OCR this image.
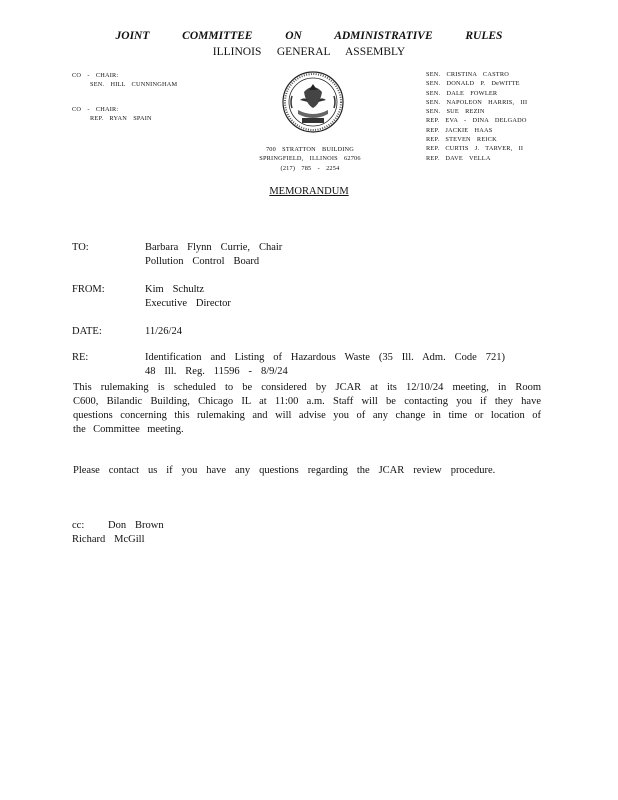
JOINT COMMITTEE ON ADMINISTRATIVE RULES
ILLINOIS GENERAL ASSEMBLY
CO - CHAIR:
SEN. HILL CUNNINGHAM
CO - CHAIR:
REP. RYAN SPAIN
700 STRATTON BUILDING
SPRINGFIELD, ILLINOIS 62706
(217) 785 - 2254
SEN. CRISTINA CASTRO
SEN. DONALD P. DeWITTE
SEN. DALE FOWLER
SEN. NAPOLEON HARRIS, III
SEN. SUE REZIN
REP. EVA - DINA DELGADO
REP. JACKIE HAAS
REP. STEVEN REICK
REP. CURTIS J. TARVER, II
REP. DAVE VELLA
MEMORANDUM
TO:	Barbara Flynn Currie, Chair
Pollution Control Board
FROM:	Kim Schultz
Executive Director
DATE:	11/26/24
RE:	Identification and Listing of Hazardous Waste (35 Ill. Adm. Code 721)
48 Ill. Reg. 11596 - 8/9/24
This rulemaking is scheduled to be considered by JCAR at its 12/10/24 meeting, in Room C600, Bilandic Building, Chicago IL at 11:00 a.m. Staff will be contacting you if they have questions concerning this rulemaking and will advise you of any change in time or location of the Committee meeting.
Please contact us if you have any questions regarding the JCAR review procedure.
cc: Don Brown
Richard McGill
